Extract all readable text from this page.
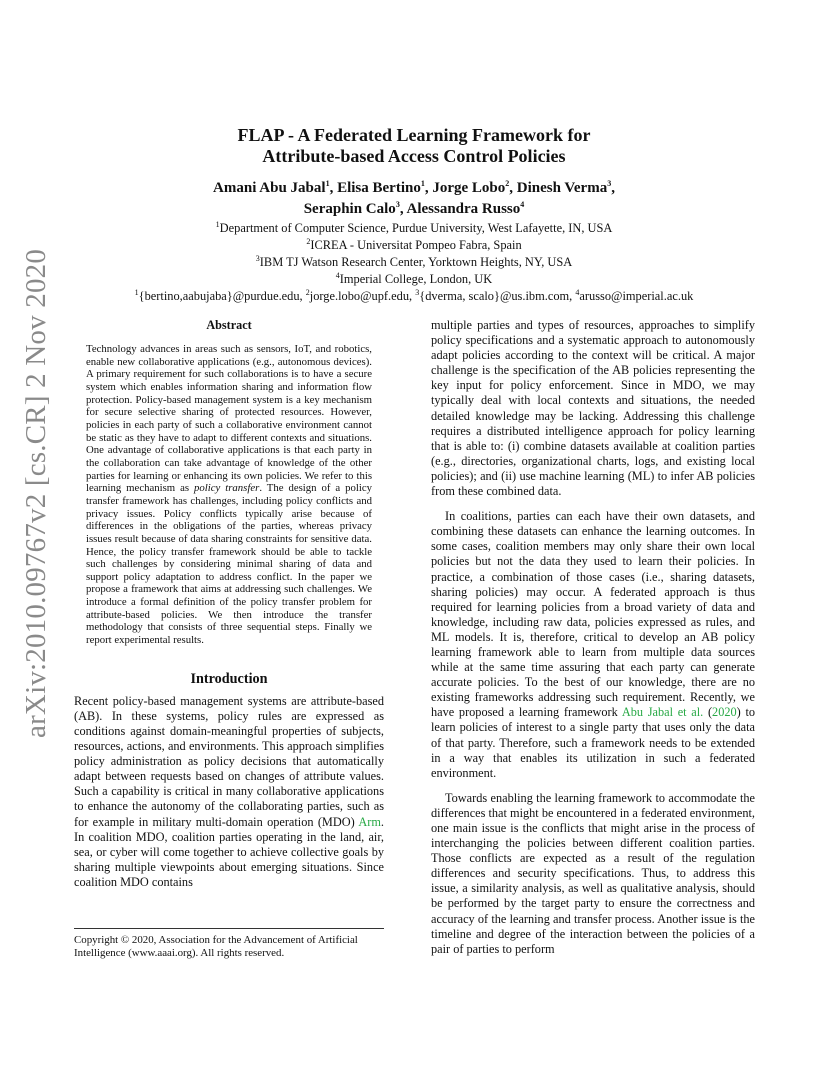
arXiv:2010.09767v2 [cs.CR] 2 Nov 2020

FLAP - A Federated Learning Framework for
Attribute-based Access Control Policies

Amani Abu Jabal$^1$, Elisa Bertino$^1$, Jorge Lobo$^2$, Dinesh Verma$^3$,
Seraphin Calo$^3$, Alessandra Russo$^4$
$^1$Department of Computer Science, Purdue University, West Lafayette, IN, USA
$^2$ICREA - Universitat Pompeo Fabra, Spain
$^3$IBM TJ Watson Research Center, Yorktown Heights, NY, USA
$^4$Imperial College, London, UK
$^1${bertino,aabujaba}@purdue.edu, $^2$jorge.lobo@upf.edu, $^3${dverma, scalo}@us.ibm.com, $^4$arusso@imperial.ac.uk

Abstract

Technology advances in areas such as sensors, IoT, and robotics, enable new collaborative applications (e.g., autonomous devices). A primary requirement for such collaborations is to have a secure system which enables information sharing and information flow protection. Policy-based management system is a key mechanism for secure selective sharing of protected resources. However, policies in each party of such a collaborative environment cannot be static as they have to adapt to different contexts and situations. One advantage of collaborative applications is that each party in the collaboration can take advantage of knowledge of the other parties for learning or enhancing its own policies. We refer to this learning mechanism as policy transfer. The design of a policy transfer framework has challenges, including policy conflicts and privacy issues. Policy conflicts typically arise because of differences in the obligations of the parties, whereas privacy issues result because of data sharing constraints for sensitive data. Hence, the policy transfer framework should be able to tackle such challenges by considering minimal sharing of data and support policy adaptation to address conflict. In the paper we propose a framework that aims at addressing such challenges. We introduce a formal definition of the policy transfer problem for attribute-based policies. We then introduce the transfer methodology that consists of three sequential steps. Finally we report experimental results.

Introduction

Recent policy-based management systems are attribute-based (AB). In these systems, policy rules are expressed as conditions against domain-meaningful properties of subjects, resources, actions, and environments. This approach simplifies policy administration as policy decisions that automatically adapt between requests based on changes of attribute values. Such a capability is critical in many collaborative applications to enhance the autonomy of the collaborating parties, such as for example in military multi-domain operation (MDO) Arm. In coalition MDO, coalition parties operating in the land, air, sea, or cyber will come together to achieve collective goals by sharing multiple viewpoints about emerging situations. Since coalition MDO contains

Copyright © 2020, Association for the Advancement of Artificial Intelligence (www.aaai.org). All rights reserved.

multiple parties and types of resources, approaches to simplify policy specifications and a systematic approach to autonomously adapt policies according to the context will be critical. A major challenge is the specification of the AB policies representing the key input for policy enforcement. Since in MDO, we may typically deal with local contexts and situations, the needed detailed knowledge may be lacking. Addressing this challenge requires a distributed intelligence approach for policy learning that is able to: (i) combine datasets available at coalition parties (e.g., directories, organizational charts, logs, and existing local policies); and (ii) use machine learning (ML) to infer AB policies from these combined data.

In coalitions, parties can each have their own datasets, and combining these datasets can enhance the learning outcomes. In some cases, coalition members may only share their own local policies but not the data they used to learn their policies. In practice, a combination of those cases (i.e., sharing datasets, sharing policies) may occur. A federated approach is thus required for learning policies from a broad variety of data and knowledge, including raw data, policies expressed as rules, and ML models. It is, therefore, critical to develop an AB policy learning framework able to learn from multiple data sources while at the same time assuring that each party can generate accurate policies. To the best of our knowledge, there are no existing frameworks addressing such requirement. Recently, we have proposed a learning framework Abu Jabal et al. (2020) to learn policies of interest to a single party that uses only the data of that party. Therefore, such a framework needs to be extended in a way that enables its utilization in such a federated environment.

Towards enabling the learning framework to accommodate the differences that might be encountered in a federated environment, one main issue is the conflicts that might arise in the process of interchanging the policies between different coalition parties. Those conflicts are expected as a result of the regulation differences and security specifications. Thus, to address this issue, a similarity analysis, as well as qualitative analysis, should be performed by the target party to ensure the correctness and accuracy of the learning and transfer process. Another issue is the timeline and degree of the interaction between the policies of a pair of parties to perform
